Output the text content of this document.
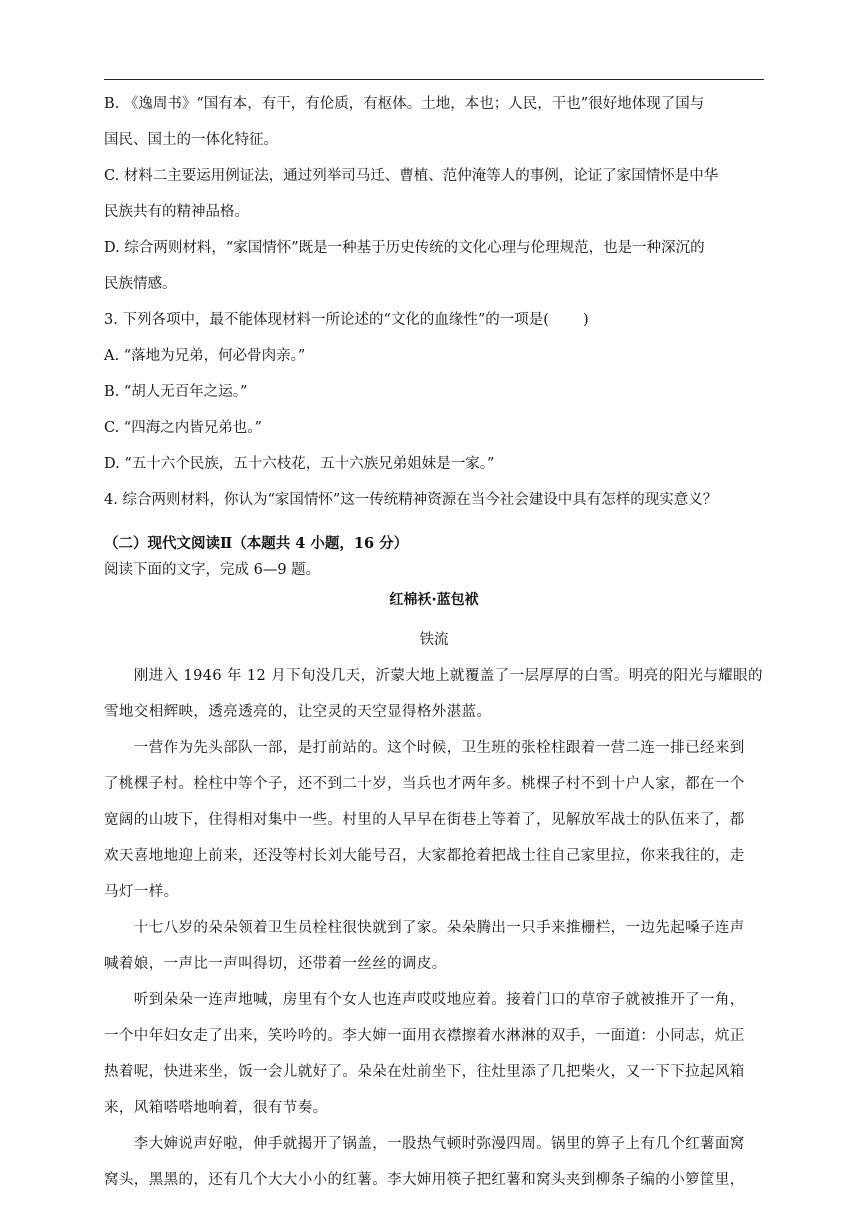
B. 《逸周书》“国有本，有干，有伦质，有枢体。土地，本也；人民，干也”很好地体现了国与
国民、国土的一体化特征。
C. 材料二主要运用例证法，通过列举司马迁、曹植、范仲淹等人的事例，论证了家国情怀是中华
民族共有的精神品格。
D. 综合两则材料，“家国情怀”既是一种基于历史传统的文化心理与伦理规范，也是一种深沉的
民族情感。
3. 下列各项中，最不能体现材料一所论述的“文化的血缘性”的一项是( )
A. “落地为兄弟，何必骨肉亲。”
B. “胡人无百年之运。”
C. “四海之内皆兄弟也。”
D. “五十六个民族，五十六枝花，五十六族兄弟姐妹是一家。”
4. 综合两则材料，你认为“家国情怀”这一传统精神资源在当今社会建设中具有怎样的现实意义？
（二）现代文阅读Ⅱ（本题共 4 小题，16 分）
阅读下面的文字，完成 6—9 题。
红棉袄·蓝包袱
铁流
　　刚进入 1946 年 12 月下旬没几天，沂蒙大地上就覆盖了一层厚厚的白雪。明亮的阳光与耀眼的
雪地交相辉映，透亮透亮的，让空灵的天空显得格外湛蓝。
　　一营作为先头部队一部，是打前站的。这个时候，卫生班的张栓柱跟着一营二连一排已经来到
了桃棵子村。栓柱中等个子，还不到二十岁，当兵也才两年多。桃棵子村不到十户人家，都在一个
宽阔的山坡下，住得相对集中一些。村里的人早早在街巷上等着了，见解放军战士的队伍来了，都
欢天喜地地迎上前来，还没等村长刘大能号召，大家都抢着把战士往自己家里拉，你来我往的，走
马灯一样。
　　十七八岁的朵朵领着卫生员栓柱很快就到了家。朵朵腾出一只手来推栅栏，一边先起嗓子连声
喊着娘，一声比一声叫得切，还带着一丝丝的调皮。
　　听到朵朵一连声地喊，房里有个女人也连声哎哎地应着。接着门口的草帘子就被推开了一角，
一个中年妇女走了出来，笑吟吟的。李大婶一面用衣襟擦着水淋淋的双手，一面道：小同志，炕正
热着呢，快进来坐，饭一会儿就好了。朵朵在灶前坐下，往灶里添了几把柴火，又一下下拉起风箱
来，风箱嗒嗒地响着，很有节奏。
　　李大婶说声好啦，伸手就揭开了锅盖，一股热气顿时弥漫四周。锅里的箅子上有几个红薯面窝
窝头，黑黑的，还有几个大大小小的红薯。李大婶用筷子把红薯和窝头夹到柳条子编的小箩筐里，
